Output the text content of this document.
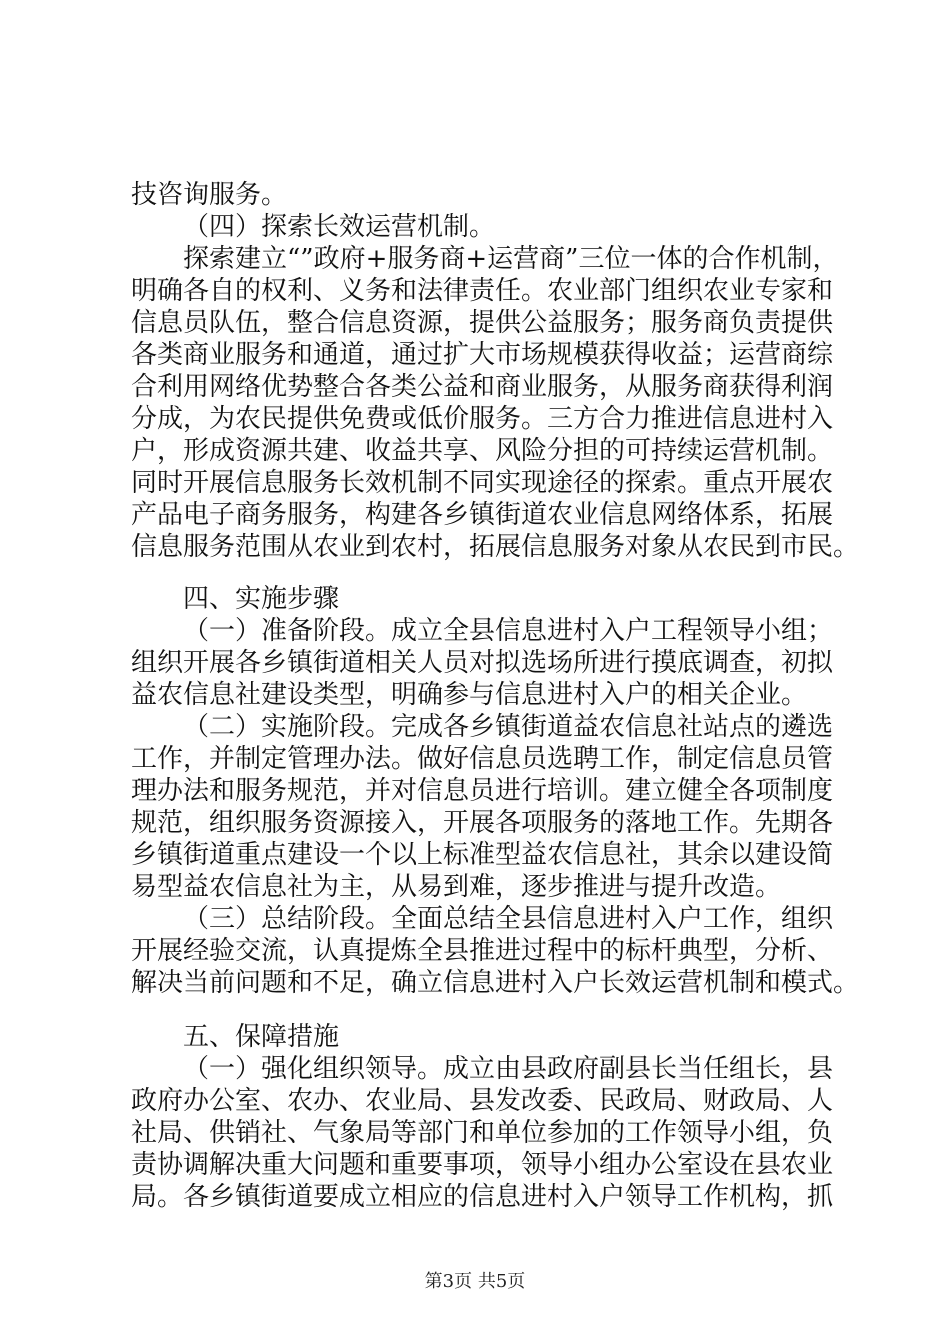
技咨询服务。
（四）探索长效运营机制。
探索建立“”政府+服务商+运营商”三位一体的合作机制，
明确各自的权利、义务和法律责任。农业部门组织农业专家和
信息员队伍，整合信息资源，提供公益服务；服务商负责提供
各类商业服务和通道，通过扩大市场规模获得收益；运营商综
合利用网络优势整合各类公益和商业服务，从服务商获得利润
分成，为农民提供免费或低价服务。三方合力推进信息进村入
户，形成资源共建、收益共享、风险分担的可持续运营机制。
同时开展信息服务长效机制不同实现途径的探索。重点开展农
产品电子商务服务，构建各乡镇街道农业信息网络体系，拓展
信息服务范围从农业到农村，拓展信息服务对象从农民到市民。
四、实施步骤
（一）准备阶段。成立全县信息进村入户工程领导小组；
组织开展各乡镇街道相关人员对拟选场所进行摸底调查，初拟
益农信息社建设类型，明确参与信息进村入户的相关企业。
（二）实施阶段。完成各乡镇街道益农信息社站点的遴选
工作，并制定管理办法。做好信息员选聘工作，制定信息员管
理办法和服务规范，并对信息员进行培训。建立健全各项制度
规范，组织服务资源接入，开展各项服务的落地工作。先期各
乡镇街道重点建设一个以上标准型益农信息社，其余以建设简
易型益农信息社为主，从易到难，逐步推进与提升改造。
（三）总结阶段。全面总结全县信息进村入户工作，组织
开展经验交流，认真提炼全县推进过程中的标杆典型，分析、
解决当前问题和不足，确立信息进村入户长效运营机制和模式。
五、保障措施
（一）强化组织领导。成立由县政府副县长当任组长，县
政府办公室、农办、农业局、县发改委、民政局、财政局、人
社局、供销社、气象局等部门和单位参加的工作领导小组，负
责协调解决重大问题和重要事项，领导小组办公室设在县农业
局。各乡镇街道要成立相应的信息进村入户领导工作机构，抓
第3页 共5页
